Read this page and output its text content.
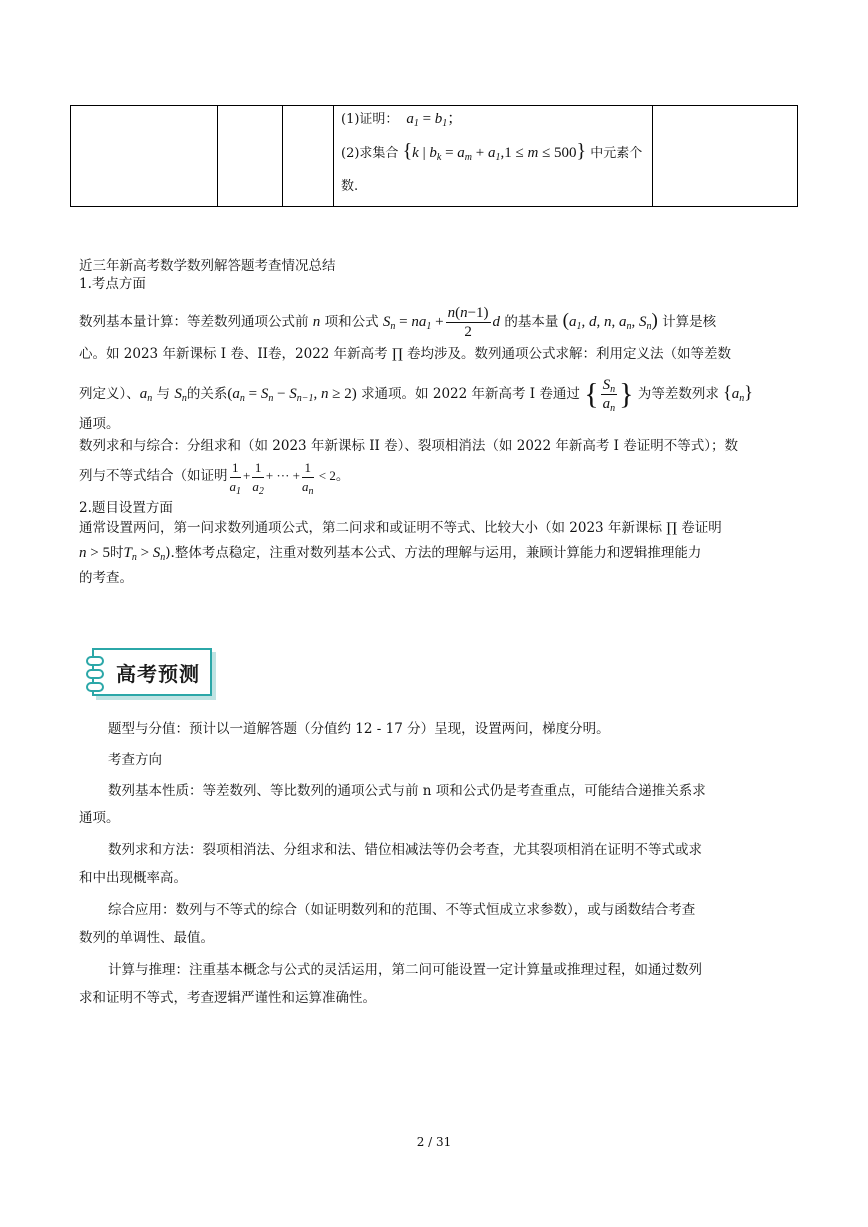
(1)证明：  $a_1 = b_1$；
(2)求集合 {k | $b_k = a_m + a_1,1 \le m \le 500$} 中元素个
数.
近三年新高考数学数列解答题考查情况总结
1.考点方面
数列基本量计算：等差数列通项公式前 n 项和公式 $S_n = na_1 + \frac{n(n-1)}{2}$ d 的基本量 ($a_1$, d, n, $a_n$, $S_n$) 计算是核
心。如 2023 年新课标 I 卷、II卷，2022 年新高考 ∏ 卷均涉及。数列通项公式求解：利用定义法（如等差数
列定义）、$a_n$ 与 $S_n$的关系($a_n = S_n - S_{n-1}$, n ≥ 2) 求通项。如 2022 年新高考 I 卷通过 { $\frac{S_n}{a_n}$ } 为等差数列求 $\{a_n\}$
通项。
数列求和与综合：分组求和（如 2023 年新课标 II 卷）、裂项相消法（如 2022 年新高考 I 卷证明不等式）；数
列与不等式结合（如证明 $\frac{1}{a_1} + \frac{1}{a_2}$ + ··· + $\frac{1}{a_n} < 2$。
2.题目设置方面
通常设置两问，第一问求数列通项公式，第二问求和或证明不等式、比较大小（如 2023 年新课标 ∏ 卷证明
n > 5时$T_n > S_n$).整体考点稳定，注重对数列基本公式、方法的理解与运用，兼顾计算能力和逻辑推理能力
的考查。
高考预测
题型与分值：预计以一道解答题（分值约 12 - 17 分）呈现，设置两问，梯度分明。
考查方向
数列基本性质：等差数列、等比数列的通项公式与前 n 项和公式仍是考查重点，可能结合递推关系求
通项。
数列求和方法：裂项相消法、分组求和法、错位相减法等仍会考查，尤其裂项相消在证明不等式或求
和中出现概率高。
综合应用：数列与不等式的综合（如证明数列和的范围、不等式恒成立求参数），或与函数结合考查
数列的单调性、最值。
计算与推理：注重基本概念与公式的灵活运用，第二问可能设置一定计算量或推理过程，如通过数列
求和证明不等式，考查逻辑严谨性和运算准确性。
2 / 31
